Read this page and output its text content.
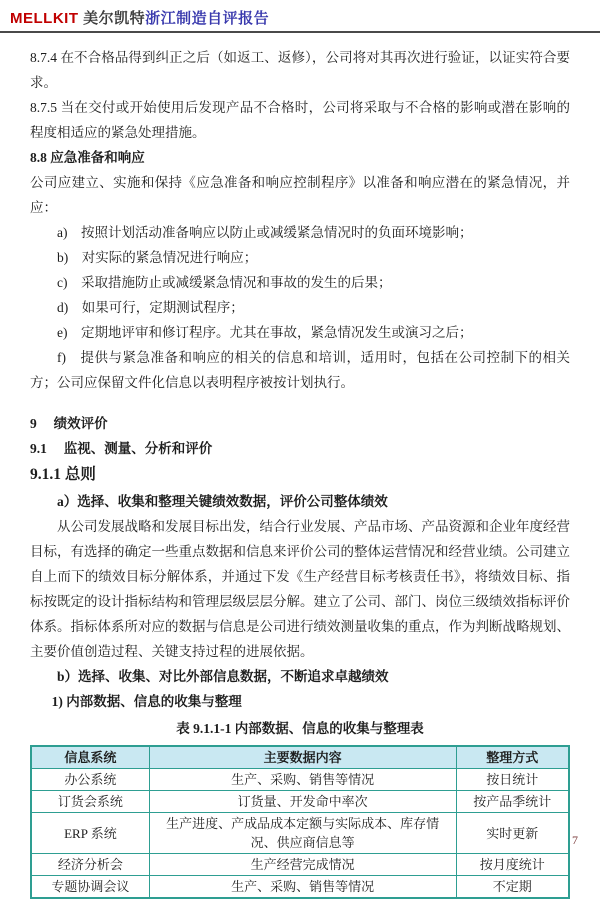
MELLKIT 美尔凯特浙江制造自评报告

8.7.4 在不合格品得到纠正之后（如返工、返修），公司将对其再次进行验证，以证实符合要求。

8.7.5 当在交付或开始使用后发现产品不合格时，公司将采取与不合格的影响或潜在影响的程度相适应的紧急处理措施。

8.8 应急准备和响应

公司应建立、实施和保持《应急准备和响应控制程序》以准备和响应潜在的紧急情况，并应：

a)　按照计划活动准备响应以防止或减缓紧急情况时的负面环境影响；

b)　对实际的紧急情况进行响应；

c)　采取措施防止或减缓紧急情况和事故的发生的后果；

d)　如果可行，定期测试程序；

e)　定期地评审和修订程序。尤其在事故，紧急情况发生或演习之后；

f)　提供与紧急准备和响应的相关的信息和培训，适用时，包括在公司控制下的相关方；公司应保留文件化信息以表明程序被按计划执行。

9　 绩效评价

9.1　 监视、测量、分析和评价

9.1.1 总则

a）选择、收集和整理关键绩效数据，评价公司整体绩效

从公司发展战略和发展目标出发，结合行业发展、产品市场、产品资源和企业年度经营目标，有选择的确定一些重点数据和信息来评价公司的整体运营情况和经营业绩。公司建立自上而下的绩效目标分解体系，并通过下发《生产经营目标考核责任书》，将绩效目标、指标按既定的设计指标结构和管理层级层层分解。建立了公司、部门、岗位三级绩效指标评价体系。指标体系所对应的数据与信息是公司进行绩效测量收集的重点，作为判断战略规划、主要价值创造过程、关键支持过程的进展依据。

b）选择、收集、对比外部信息数据，不断追求卓越绩效

1) 内部数据、信息的收集与整理

表 9.1.1-1 内部数据、信息的收集与整理表

信息系统	主要数据内容	整理方式
办公系统	生产、采购、销售等情况	按日统计
订货会系统	订货量、开发命中率次	按产品季统计
ERP 系统	生产进度、产成品成本定额与实际成本、库存情况、供应商信息等	实时更新
经济分析会	生产经营完成情况	按月度统计
专题协调会议	生产、采购、销售等情况	不定期
7
